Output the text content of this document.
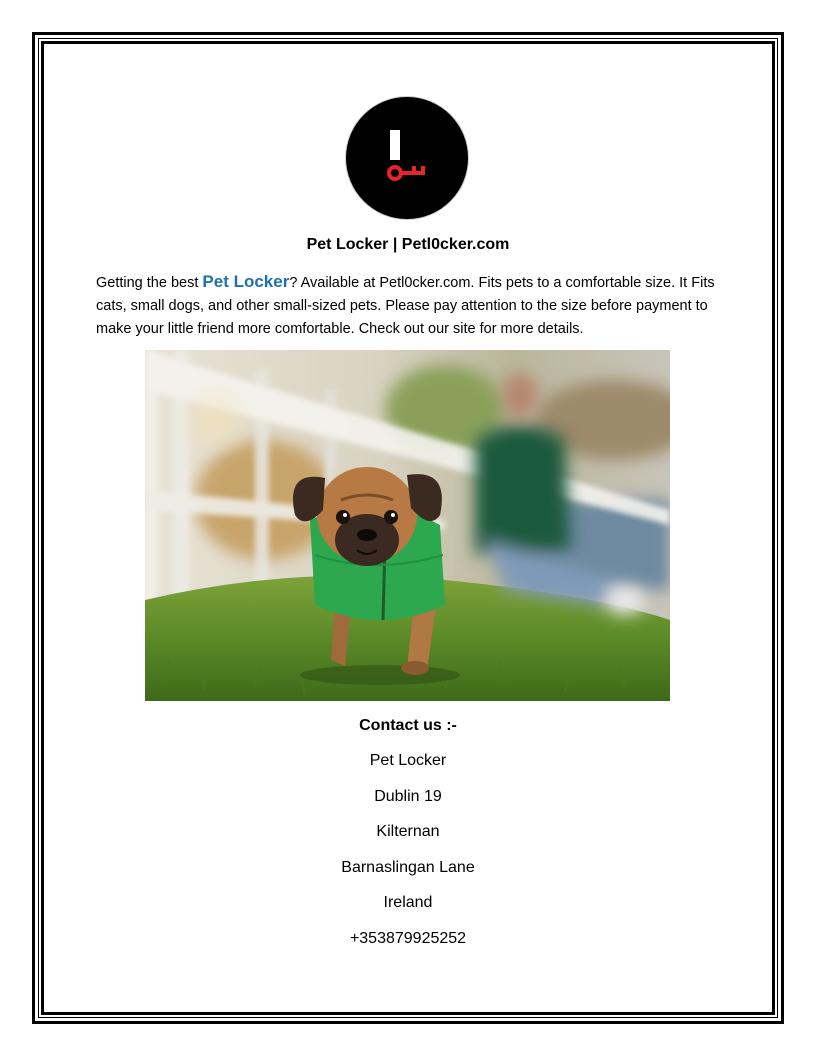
Pet Locker | Petl0cker.com
Getting the best Pet Locker? Available at Petl0cker.com. Fits pets to a comfortable size. It Fits cats, small dogs, and other small-sized pets. Please pay attention to the size before payment to make your little friend more comfortable. Check out our site for more details.
Contact us :-
Pet Locker
Dublin 19
Kilternan
Barnaslingan Lane
Ireland
+353879925252
